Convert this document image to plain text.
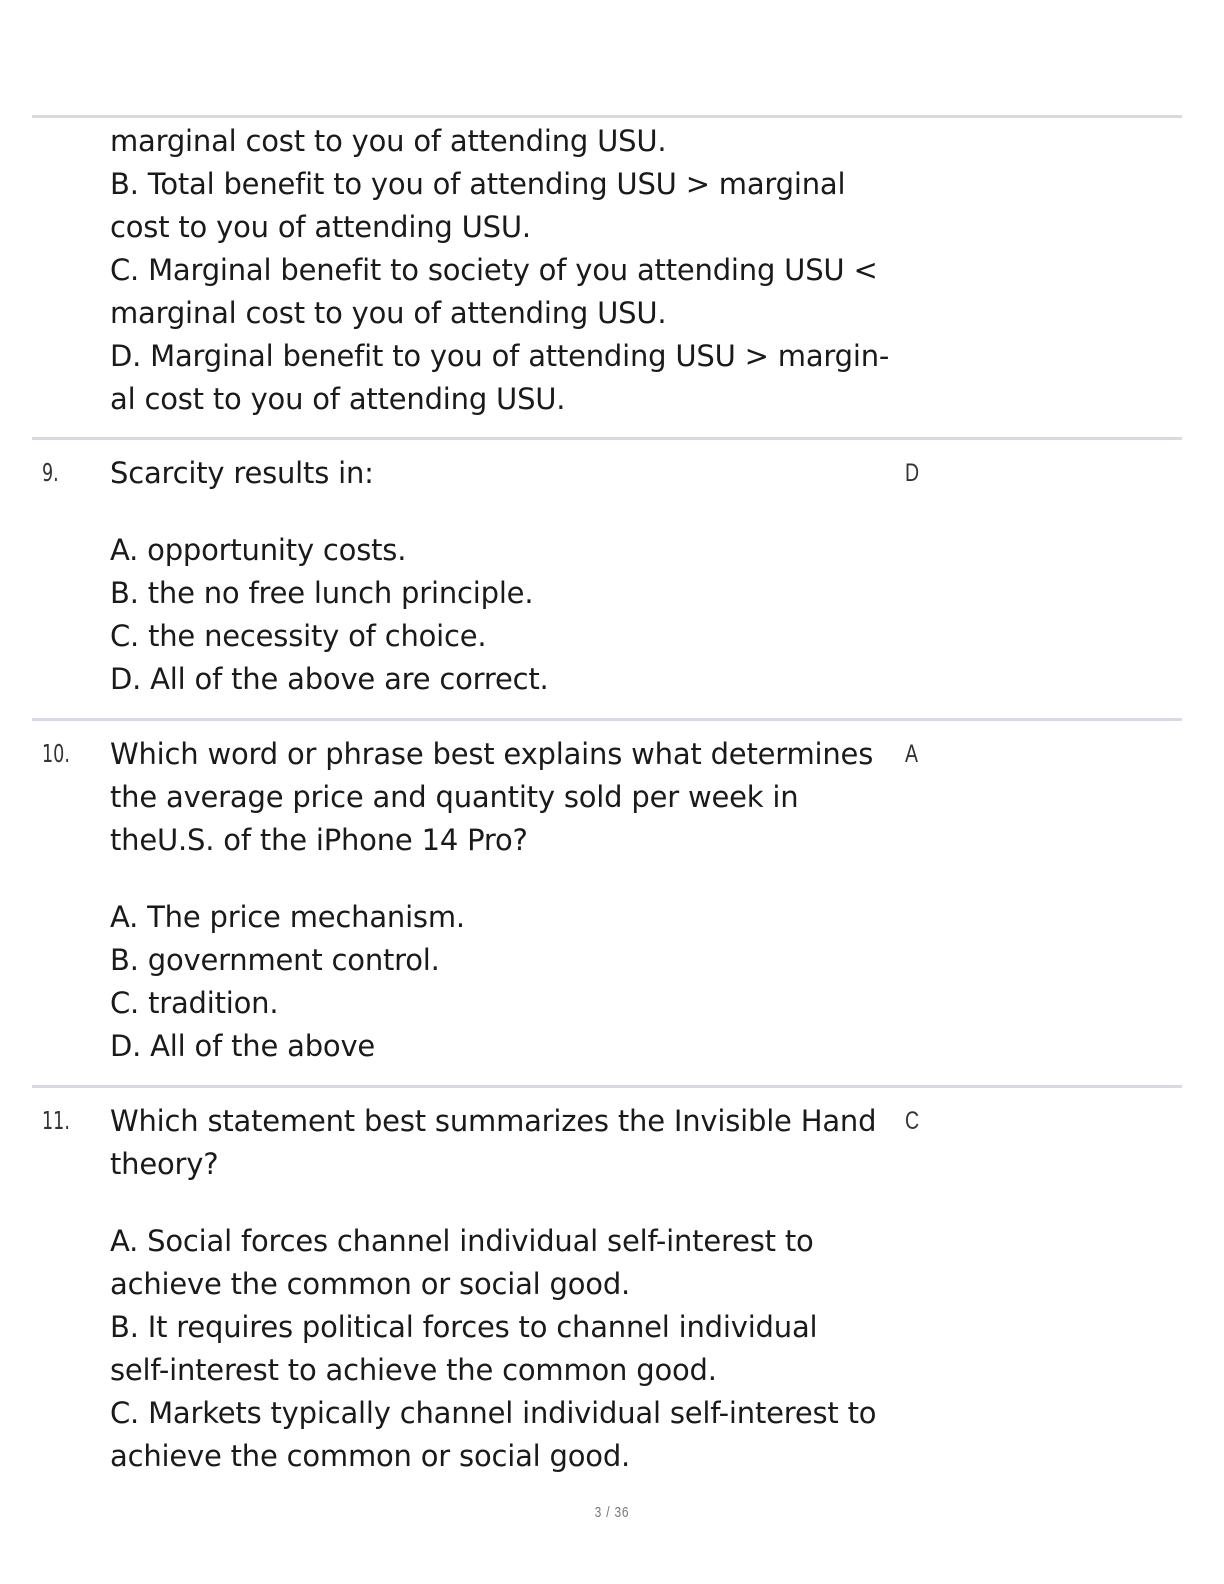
marginal cost to you of attending USU.
B. Total benefit to you of attending USU > marginal
cost to you of attending USU.
C. Marginal benefit to society of you attending USU <
marginal cost to you of attending USU.
D. Marginal benefit to you of attending USU > margin-
al cost to you of attending USU.
9. Scarcity results in:	D
A. opportunity costs.
B. the no free lunch principle.
C. the necessity of choice.
D. All of the above are correct.
10. Which word or phrase best explains what determines
the average price and quantity sold per week in
theU.S. of the iPhone 14 Pro?
A
A. The price mechanism.
B. government control.
C. tradition.
D. All of the above
11. Which statement best summarizes the Invisible Hand
theory?
C
A. Social forces channel individual self-interest to
achieve the common or social good.
B. It requires political forces to channel individual
self-interest to achieve the common good.
C. Markets typically channel individual self-interest to
achieve the common or social good.
3 / 36
